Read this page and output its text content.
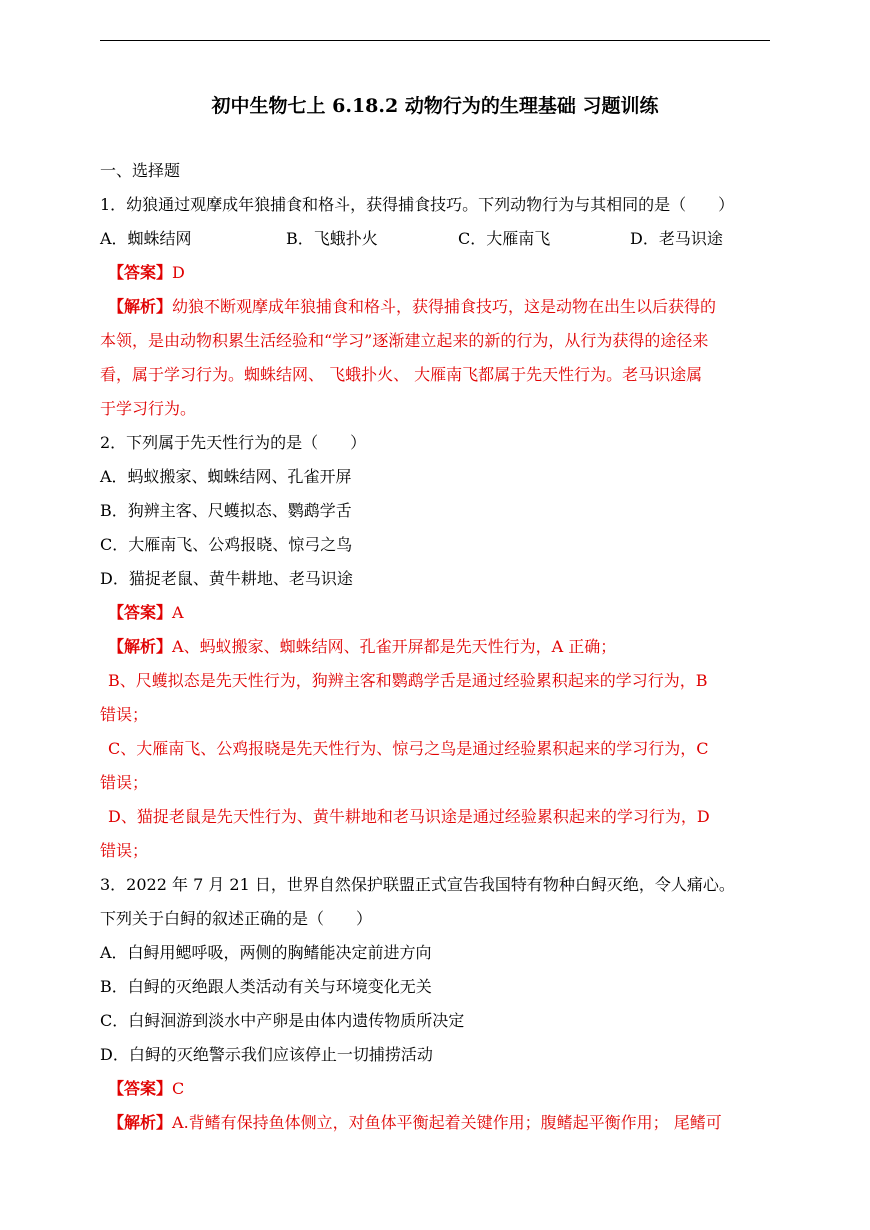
初中生物七上 6.18.2 动物行为的生理基础 习题训练
一、选择题
1．幼狼通过观摩成年狼捕食和格斗，获得捕食技巧。下列动物行为与其相同的是（　　）
A．蜘蛛结网	B．飞蛾扑火	C．大雁南飞	D．老马识途
【答案】D
【解析】幼狼不断观摩成年狼捕食和格斗，获得捕食技巧，这是动物在出生以后获得的
本领，是由动物积累生活经验和“学习”逐渐建立起来的新的行为，从行为获得的途径来
看，属于学习行为。蜘蛛结网、 飞蛾扑火、 大雁南飞都属于先天性行为。老马识途属
于学习行为。
2．下列属于先天性行为的是（　　）
A．蚂蚁搬家、蜘蛛结网、孔雀开屏
B．狗辨主客、尺蠖拟态、鹦鹉学舌
C．大雁南飞、公鸡报晓、惊弓之鸟
D．猫捉老鼠、黄牛耕地、老马识途
【答案】A
【解析】A、蚂蚁搬家、蜘蛛结网、孔雀开屏都是先天性行为，A 正确；
B、尺蠖拟态是先天性行为，狗辨主客和鹦鹉学舌是通过经验累积起来的学习行为，B
错误；
C、大雁南飞、公鸡报晓是先天性行为、惊弓之鸟是通过经验累积起来的学习行为，C
错误；
D、猫捉老鼠是先天性行为、黄牛耕地和老马识途是通过经验累积起来的学习行为，D
错误；
3．2022 年 7 月 21 日，世界自然保护联盟正式宣告我国特有物种白鲟灭绝，令人痛心。
下列关于白鲟的叙述正确的是（　　）
A．白鲟用鳃呼吸，两侧的胸鳍能决定前进方向
B．白鲟的灭绝跟人类活动有关与环境变化无关
C．白鲟洄游到淡水中产卵是由体内遗传物质所决定
D．白鲟的灭绝警示我们应该停止一切捕捞活动
【答案】C
【解析】A.背鳍有保持鱼体侧立，对鱼体平衡起着关键作用；腹鳍起平衡作用； 尾鳍可
